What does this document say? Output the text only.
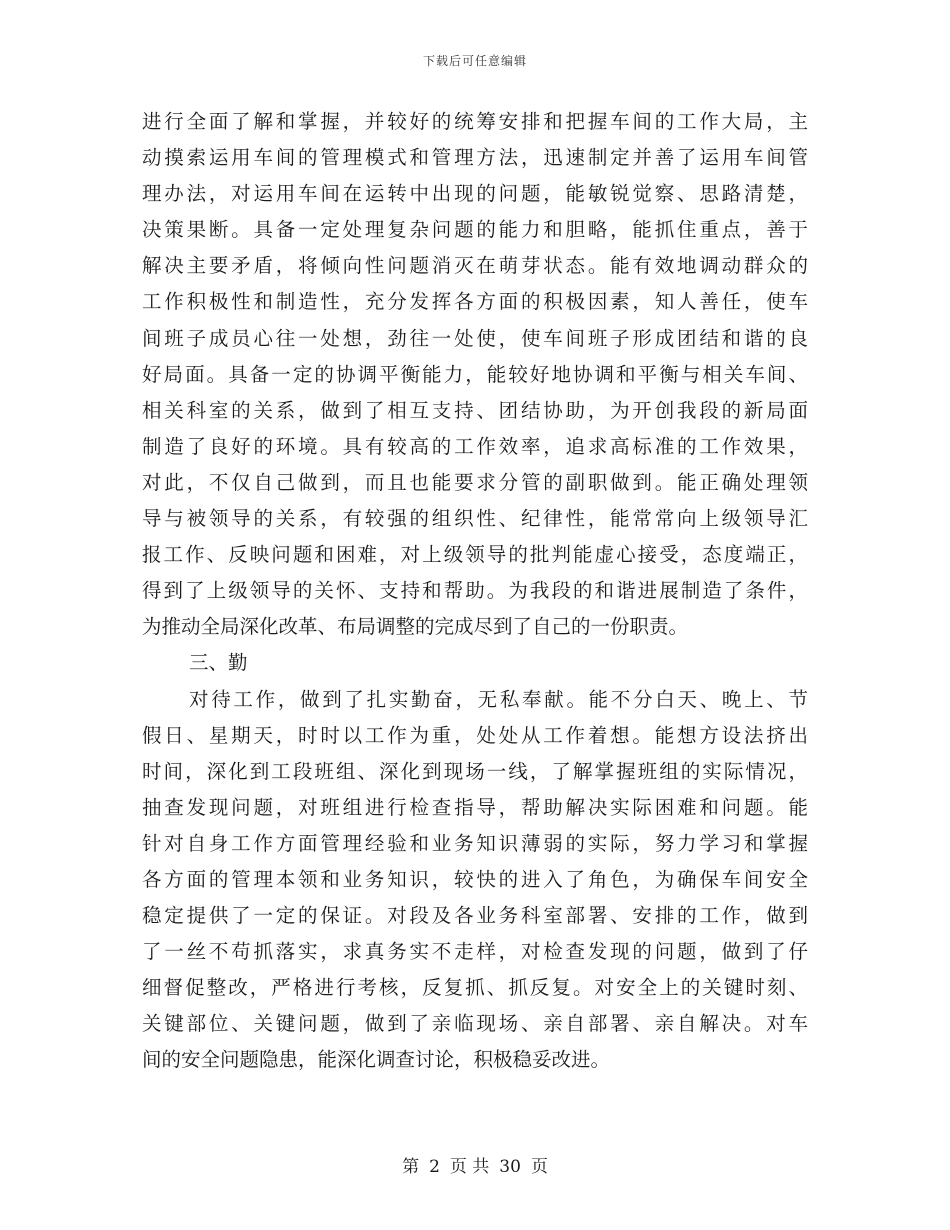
下载后可任意编辑
进行全面了解和掌握，并较好的统筹安排和把握车间的工作大局，主
动摸索运用车间的管理模式和管理方法，迅速制定并善了运用车间管
理办法，对运用车间在运转中出现的问题，能敏锐觉察、思路清楚，
决策果断。具备一定处理复杂问题的能力和胆略，能抓住重点，善于
解决主要矛盾，将倾向性问题消灭在萌芽状态。能有效地调动群众的
工作积极性和制造性，充分发挥各方面的积极因素，知人善任，使车
间班子成员心往一处想，劲往一处使，使车间班子形成团结和谐的良
好局面。具备一定的协调平衡能力，能较好地协调和平衡与相关车间、
相关科室的关系，做到了相互支持、团结协助，为开创我段的新局面
制造了良好的环境。具有较高的工作效率，追求高标准的工作效果，
对此，不仅自己做到，而且也能要求分管的副职做到。能正确处理领
导与被领导的关系，有较强的组织性、纪律性，能常常向上级领导汇
报工作、反映问题和困难，对上级领导的批判能虚心接受，态度端正，
得到了上级领导的关怀、支持和帮助。为我段的和谐进展制造了条件，
为推动全局深化改革、布局调整的完成尽到了自己的一份职责。
三、勤
对待工作，做到了扎实勤奋，无私奉献。能不分白天、晚上、节
假日、星期天，时时以工作为重，处处从工作着想。能想方设法挤出
时间，深化到工段班组、深化到现场一线，了解掌握班组的实际情况，
抽查发现问题，对班组进行检查指导，帮助解决实际困难和问题。能
针对自身工作方面管理经验和业务知识薄弱的实际，努力学习和掌握
各方面的管理本领和业务知识，较快的进入了角色，为确保车间安全
稳定提供了一定的保证。对段及各业务科室部署、安排的工作，做到
了一丝不苟抓落实，求真务实不走样，对检查发现的问题，做到了仔
细督促整改，严格进行考核，反复抓、抓反复。对安全上的关键时刻、
关键部位、关键问题，做到了亲临现场、亲自部署、亲自解决。对车
间的安全问题隐患，能深化调查讨论，积极稳妥改进。
第 2 页 共 30 页
